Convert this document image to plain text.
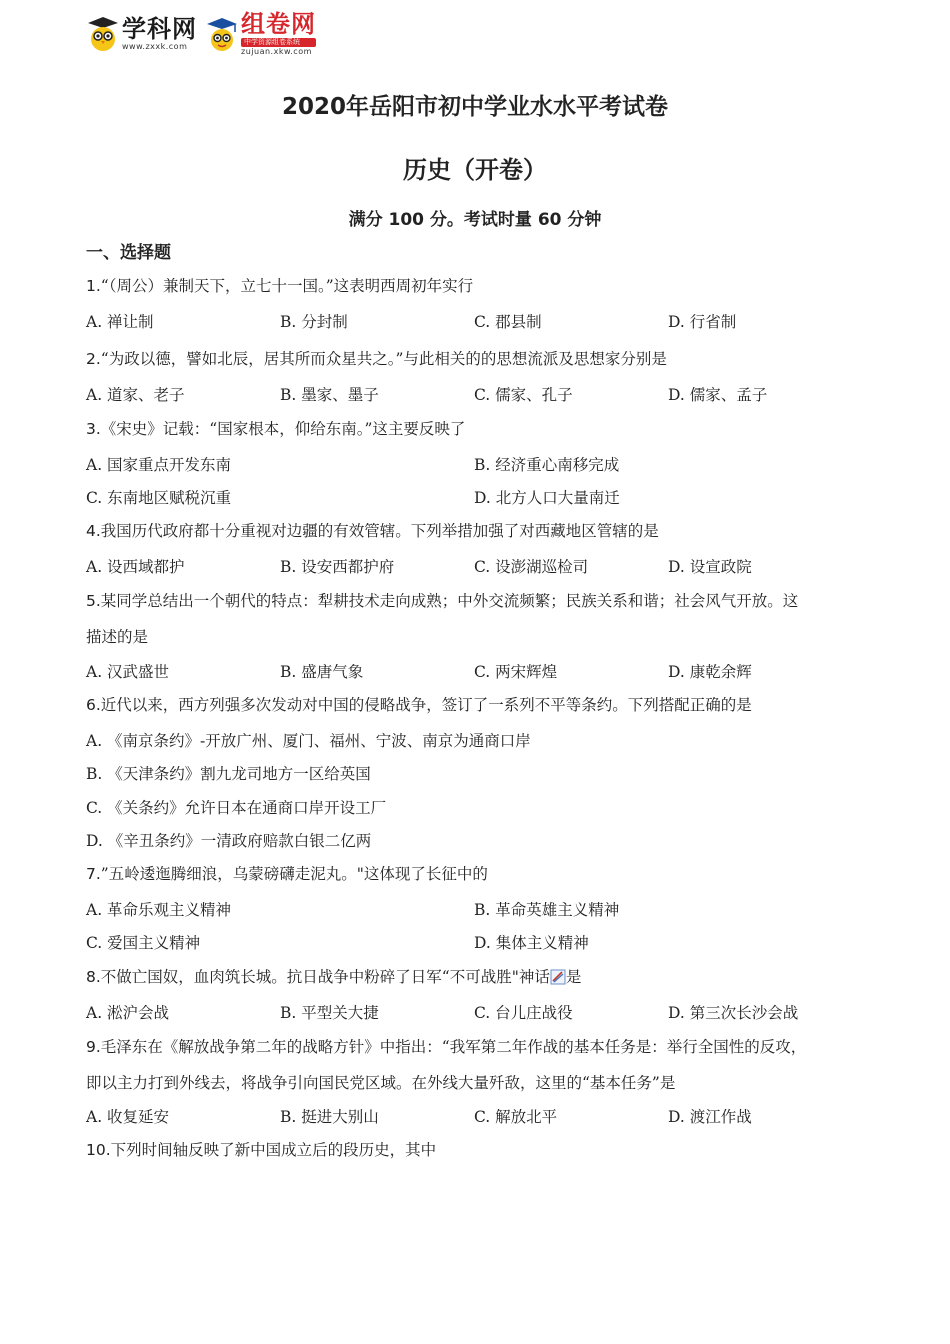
学科网
www.zxxk.com
组卷网
中学资源组卷系统
zujuan.xkw.com
2020年岳阳市初中学业水水平考试卷
历史（开卷）
满分 100 分。考试时量 60 分钟
一、选择题
1.“（周公）兼制天下，立七十一国。”这表明西周初年实行
A. 禅让制	B. 分封制	C. 郡县制	D. 行省制
2.“为政以德，譬如北辰，居其所而众星共之。”与此相关的的思想流派及思想家分别是
A. 道家、老子	B. 墨家、墨子	C. 儒家、孔子	D. 儒家、孟子
3.《宋史》记载：“国家根本，仰给东南。”这主要反映了
A. 国家重点开发东南	B. 经济重心南移完成
C. 东南地区赋税沉重	D. 北方人口大量南迁
4.我国历代政府都十分重视对边疆的有效管辖。下列举措加强了对西藏地区管辖的是
A. 设西域都护	B. 设安西都护府	C. 设澎湖巡检司	D. 设宣政院
5.某同学总结出一个朝代的特点：犁耕技术走向成熟；中外交流频繁；民族关系和谐；社会风气开放。这
描述的是
A. 汉武盛世	B. 盛唐气象	C. 两宋辉煌	D. 康乾余辉
6.近代以来，西方列强多次发动对中国的侵略战争，签订了一系列不平等条约。下列搭配正确的是
A. 《南京条约》-开放广州、厦门、福州、宁波、南京为通商口岸
B. 《天津条约》割九龙司地方一区给英国
C. 《关条约》允许日本在通商口岸开设工厂
D. 《辛丑条约》一清政府赔款白银二亿两
7.”五岭逶迤腾细浪，乌蒙磅礴走泥丸。"这体现了长征中的
A. 革命乐观主义精神	B. 革命英雄主义精神
C. 爱国主义精神	D. 集体主义精神
8.不做亡国奴，血肉筑长城。抗日战争中粉碎了日军“不可战胜"神话 是
A. 淞沪会战	B. 平型关大捷	C. 台儿庄战役	D. 第三次长沙会战
9.毛泽东在《解放战争第二年的战略方针》中指出：“我军第二年作战的基本任务是：举行全国性的反攻，
即以主力打到外线去，将战争引向国民党区域。在外线大量歼敌，这里的“基本任务”是
A. 收复延安	B. 挺进大别山	C. 解放北平	D. 渡江作战
10.下列时间轴反映了新中国成立后的段历史，其中
